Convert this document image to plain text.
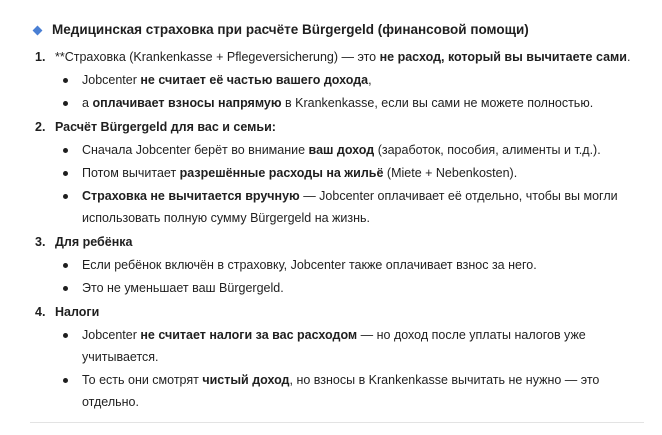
Медицинская страховка при расчёте Bürgergeld (финансовой помощи)
1. **Страховка (Krankenkasse + Pflegeversicherung) — это не расход, который вы вычитаете сами.
Jobcenter не считает её частью вашего дохода,
а оплачивает взносы напрямую в Krankenkasse, если вы сами не можете полностью.
2. Расчёт Bürgergeld для вас и семьи:
Сначала Jobcenter берёт во внимание ваш доход (заработок, пособия, алименты и т.д.).
Потом вычитает разрешённые расходы на жильё (Miete + Nebenkosten).
Страховка не вычитается вручную — Jobcenter оплачивает её отдельно, чтобы вы могли использовать полную сумму Bürgergeld на жизнь.
3. Для ребёнка
Если ребёнок включён в страховку, Jobcenter также оплачивает взнос за него.
Это не уменьшает ваш Bürgergeld.
4. Налоги
Jobcenter не считает налоги за вас расходом — но доход после уплаты налогов уже учитывается.
То есть они смотрят чистый доход, но взносы в Krankenkasse вычитать не нужно — это отдельно.
